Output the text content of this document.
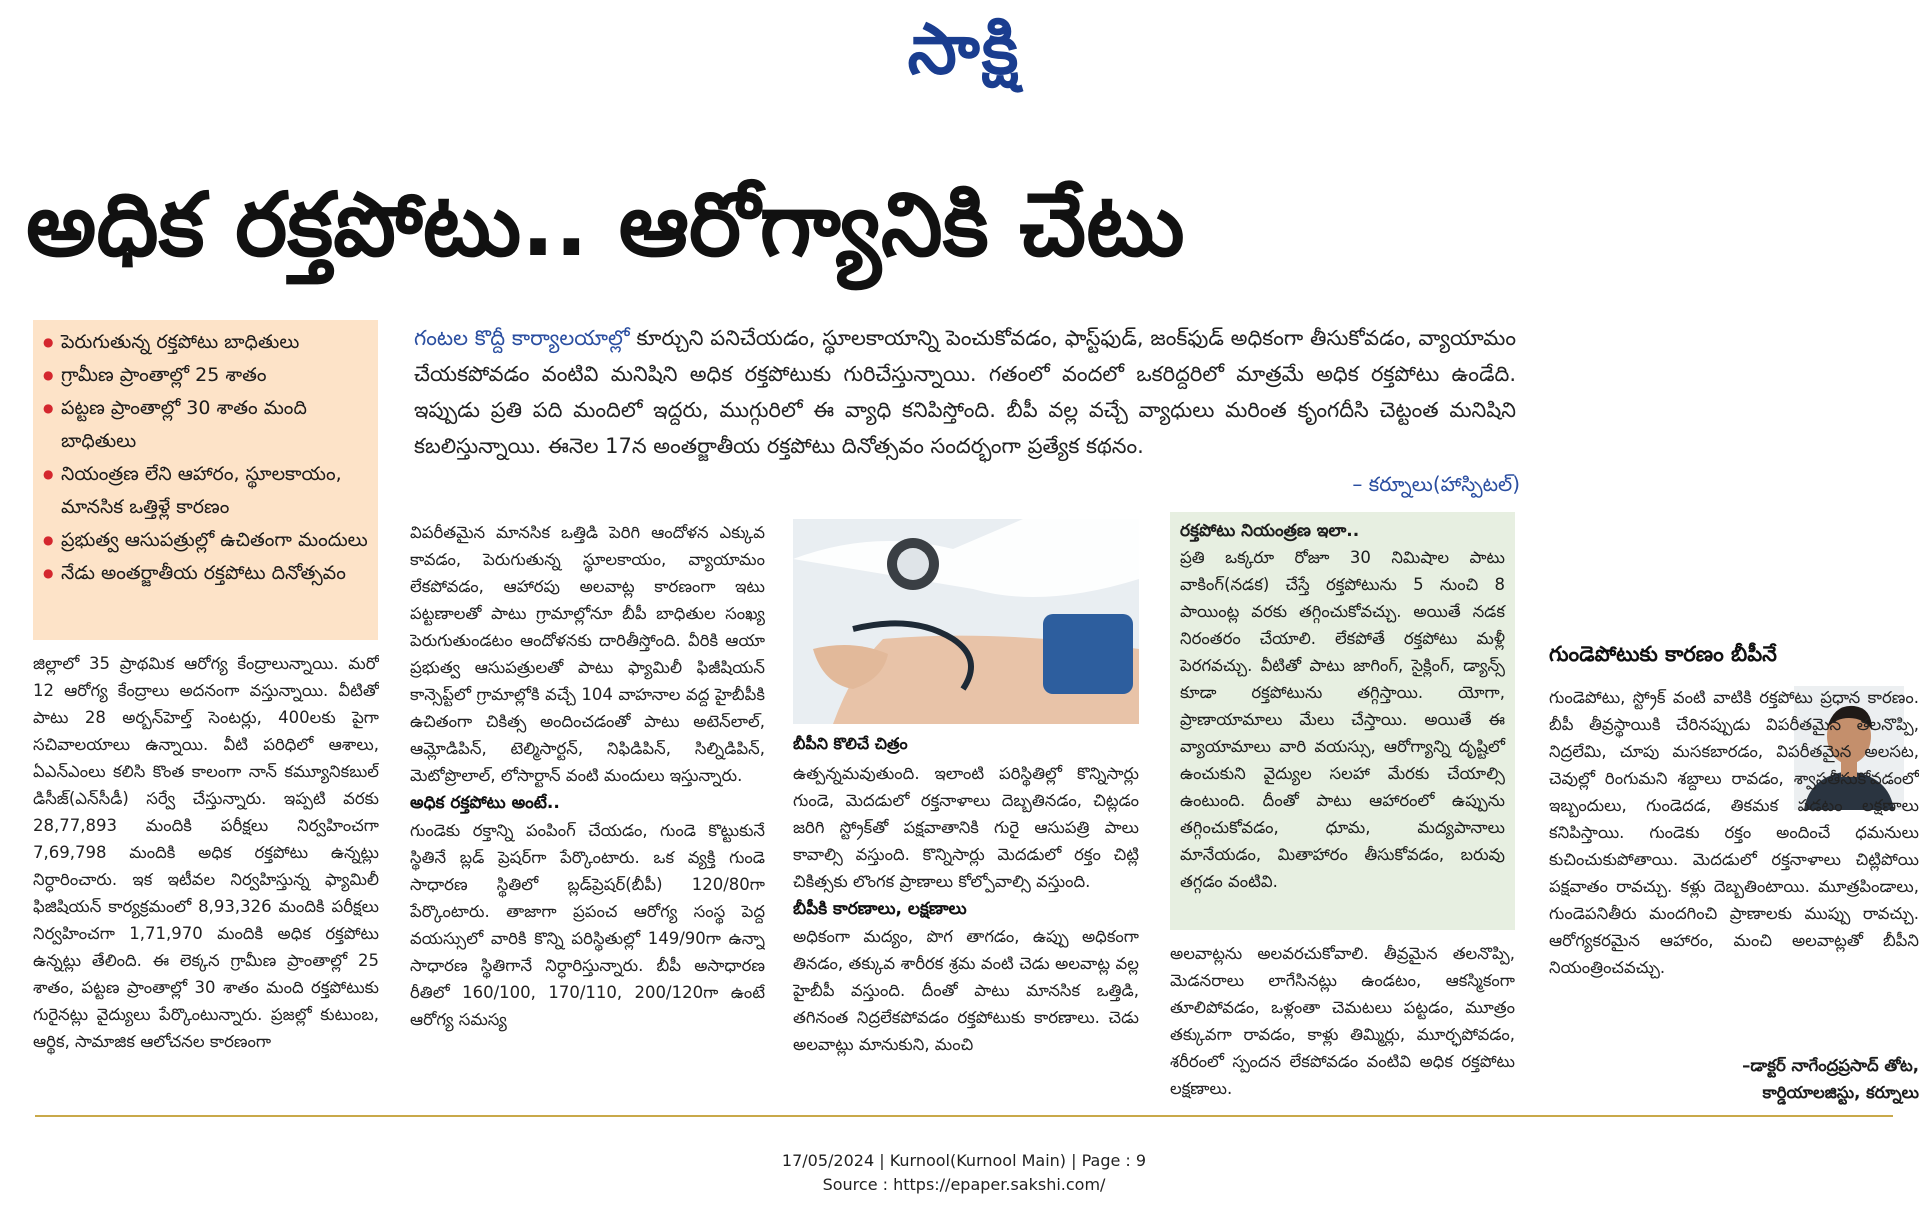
సాక్షి
అధిక రక్తపోటు.. ఆరోగ్యానికి చేటు
● పెరుగుతున్న రక్తపోటు బాధితులు
● గ్రామీణ ప్రాంతాల్లో 25 శాతం
● పట్టణ ప్రాంతాల్లో 30 శాతం మంది బాధితులు
● నియంత్రణ లేని ఆహారం, స్థూలకాయం, మానసిక ఒత్తిళ్లే కారణం
● ప్రభుత్వ ఆసుపత్రుల్లో ఉచితంగా మందులు
● నేడు అంతర్జాతీయ రక్తపోటు దినోత్సవం
గంటల కొద్దీ కార్యాలయాల్లో కూర్చుని పనిచేయడం, స్థూలకాయాన్ని పెంచుకోవడం, ఫాస్ట్‌ఫుడ్, జంక్‌ఫుడ్ అధికంగా తీసుకోవడం, వ్యాయామం చేయకపోవడం వంటివి మనిషిని అధిక రక్తపోటుకు గురిచేస్తున్నాయి. గతంలో వందలో ఒకరిద్దరిలో మాత్రమే అధిక రక్తపోటు ఉండేది. ఇప్పుడు ప్రతి పది మందిలో ఇద్దరు, ముగ్గురిలో ఈ వ్యాధి కనిపిస్తోంది. బీపీ వల్ల వచ్చే వ్యాధులు మరింత కృంగదీసి చెట్టంత మనిషిని కబలిస్తున్నాయి. ఈనెల 17న అంతర్జాతీయ రక్తపోటు దినోత్సవం సందర్భంగా ప్రత్యేక కథనం.
– కర్నూలు(హాస్పిటల్)

జిల్లాలో 35 ప్రాథమిక ఆరోగ్య కేంద్రాలున్నాయి. మరో 12 ఆరోగ్య కేంద్రాలు అదనంగా వస్తున్నాయి. వీటితో పాటు 28 అర్బన్‌హెల్త్ సెంటర్లు, 400లకు పైగా సచివాలయాలు ఉన్నాయి. వీటి పరిధిలో ఆశాలు, ఏఎన్‌ఎంలు కలిసి కొంత కాలంగా నాన్ కమ్యూనికబుల్ డిసీజ్(ఎన్‌సీడీ) సర్వే చేస్తున్నారు. ఇప్పటి వరకు 28,77,893 మందికి పరీక్షలు నిర్వహించగా 7,69,798 మందికి అధిక రక్తపోటు ఉన్నట్లు నిర్ధారించారు. ఇక ఇటీవల నిర్వహిస్తున్న ఫ్యామిలీ ఫిజిషియన్ కార్యక్రమంలో 8,93,326 మందికి పరీక్షలు నిర్వహించగా 1,71,970 మందికి అధిక రక్తపోటు ఉన్నట్లు తేలింది. ఈ లెక్కన గ్రామీణ ప్రాంతాల్లో 25 శాతం, పట్టణ ప్రాంతాల్లో 30 శాతం మంది రక్తపోటుకు గురైనట్లు వైద్యులు పేర్కొంటున్నారు. ప్రజల్లో కుటుంబ, ఆర్థిక, సామాజిక ఆలోచనల కారణంగా

విపరీతమైన మానసిక ఒత్తిడి పెరిగి ఆందోళన ఎక్కువ కావడం, పెరుగుతున్న స్థూలకాయం, వ్యాయామం లేకపోవడం, ఆహారపు అలవాట్ల కారణంగా ఇటు పట్టణాలతో పాటు గ్రామాల్లోనూ బీపీ బాధితుల సంఖ్య పెరుగుతుండటం ఆందోళనకు దారితీస్తోంది. వీరికి ఆయా ప్రభుత్వ ఆసుపత్రులతో పాటు ఫ్యామిలీ ఫిజీషియన్ కాన్సెప్ట్‌లో గ్రామాల్లోకి వచ్చే 104 వాహనాల వద్ద హైబీపీకి ఉచితంగా చికిత్స అందించడంతో పాటు అటెన్‌లాల్, ఆమ్లోడిపిన్, టెల్మిసార్టన్, నిఫిడిపిన్, సిల్నిడిపిన్, మెటోప్రొలాల్, లోసార్టాన్ వంటి మందులు ఇస్తున్నారు.

అధిక రక్తపోటు అంటే..

గుండెకు రక్తాన్ని పంపింగ్ చేయడం, గుండె కొట్టుకునే స్థితినే బ్లడ్ ప్రెషర్‌గా పేర్కొంటారు. ఒక వ్యక్తి గుండె సాధారణ స్థితిలో బ్లడ్‌ప్రెషర్(బీపీ) 120/80గా పేర్కొంటారు. తాజాగా ప్రపంచ ఆరోగ్య సంస్థ పెద్ద వయస్సులో వారికి కొన్ని పరిస్థితుల్లో 149/90గా ఉన్నా సాధారణ స్థితిగానే నిర్ధారిస్తున్నారు. బీపీ అసాధారణ రీతిలో 160/100, 170/110, 200/120గా ఉంటే ఆరోగ్య సమస్య

బీపీని కొలిచే చిత్రం

ఉత్పన్నమవుతుంది. ఇలాంటి పరిస్థితిల్లో కొన్నిసార్లు గుండె, మెదడులో రక్తనాళాలు దెబ్బతినడం, చిట్లడం జరిగి స్ట్రోక్‌తో పక్షవాతానికి గురై ఆసుపత్రి పాలు కావాల్సి వస్తుంది. కొన్నిసార్లు మెదడులో రక్తం చిట్లి చికిత్సకు లొంగక ప్రాణాలు కోల్పోవాల్సి వస్తుంది.

బీపీకి కారణాలు, లక్షణాలు

అధికంగా మద్యం, పొగ తాగడం, ఉప్పు అధికంగా తినడం, తక్కువ శారీరక శ్రమ వంటి చెడు అలవాట్ల వల్ల హైబీపీ వస్తుంది. దీంతో పాటు మానసిక ఒత్తిడి, తగినంత నిద్రలేకపోవడం రక్తపోటుకు కారణాలు. చెడు అలవాట్లు మానుకుని, మంచి

రక్తపోటు నియంత్రణ ఇలా..
ప్రతి ఒక్కరూ రోజూ 30 నిమిషాల పాటు వాకింగ్(నడక) చేస్తే రక్తపోటును 5 నుంచి 8 పాయింట్ల వరకు తగ్గించుకోవచ్చు. అయితే నడక నిరంతరం చేయాలి. లేకపోతే రక్తపోటు మళ్లీ పెరగవచ్చు. వీటితో పాటు జాగింగ్, సైక్లింగ్, డ్యాన్స్ కూడా రక్తపోటును తగ్గిస్తాయి. యోగా, ప్రాణాయామాలు మేలు చేస్తాయి. అయితే ఈ వ్యాయామాలు వారి వయస్సు, ఆరోగ్యాన్ని దృష్టిలో ఉంచుకుని వైద్యుల సలహా మేరకు చేయాల్సి ఉంటుంది. దీంతో పాటు ఆహారంలో ఉప్పును తగ్గించుకోవడం, ధూమ, మద్యపానాలు మానేయడం, మితాహారం తీసుకోవడం, బరువు తగ్గడం వంటివి.

అలవాట్లను అలవరచుకోవాలి. తీవ్రమైన తలనొప్పి, మెడనరాలు లాగేసినట్లు ఉండటం, ఆకస్మికంగా తూలిపోవడం, ఒళ్లంతా చెమటలు పట్టడం, మూత్రం తక్కువగా రావడం, కాళ్లు తిమ్మిర్లు, మూర్ఛపోవడం, శరీరంలో స్పందన లేకపోవడం వంటివి అధిక రక్తపోటు లక్షణాలు.

గుండెపోటుకు కారణం బీపీనే

గుండెపోటు, స్ట్రోక్ వంటి వాటికి రక్తపోటు ప్రధాన కారణం. బీపీ తీవ్రస్థాయికి చేరినప్పుడు విపరీతమైన తలనొప్పి, నిద్రలేమి, చూపు మసకబారడం, విపరీతమైన అలసట, చెవుల్లో రింగుమని శబ్దాలు రావడం, శ్వాసతీసుకోవడంలో ఇబ్బందులు, గుండెదడ, తికమక పడటం లక్షణాలు కనిపిస్తాయి. గుండెకు రక్తం అందించే ధమనులు కుచించుకుపోతాయి. మెదడులో రక్తనాళాలు చిట్లిపోయి పక్షవాతం రావచ్చు. కళ్లు దెబ్బతింటాయి. మూత్రపిండాలు, గుండెపనితీరు మందగించి ప్రాణాలకు ముప్పు రావచ్చు. ఆరోగ్యకరమైన ఆహారం, మంచి అలవాట్లతో బీపీని నియంత్రించవచ్చు.

–డాక్టర్ నాగేంద్రప్రసాద్ తోట,
కార్డియాలజిస్టు, కర్నూలు
17/05/2024 | Kurnool(Kurnool Main) | Page : 9
Source : https://epaper.sakshi.com/
